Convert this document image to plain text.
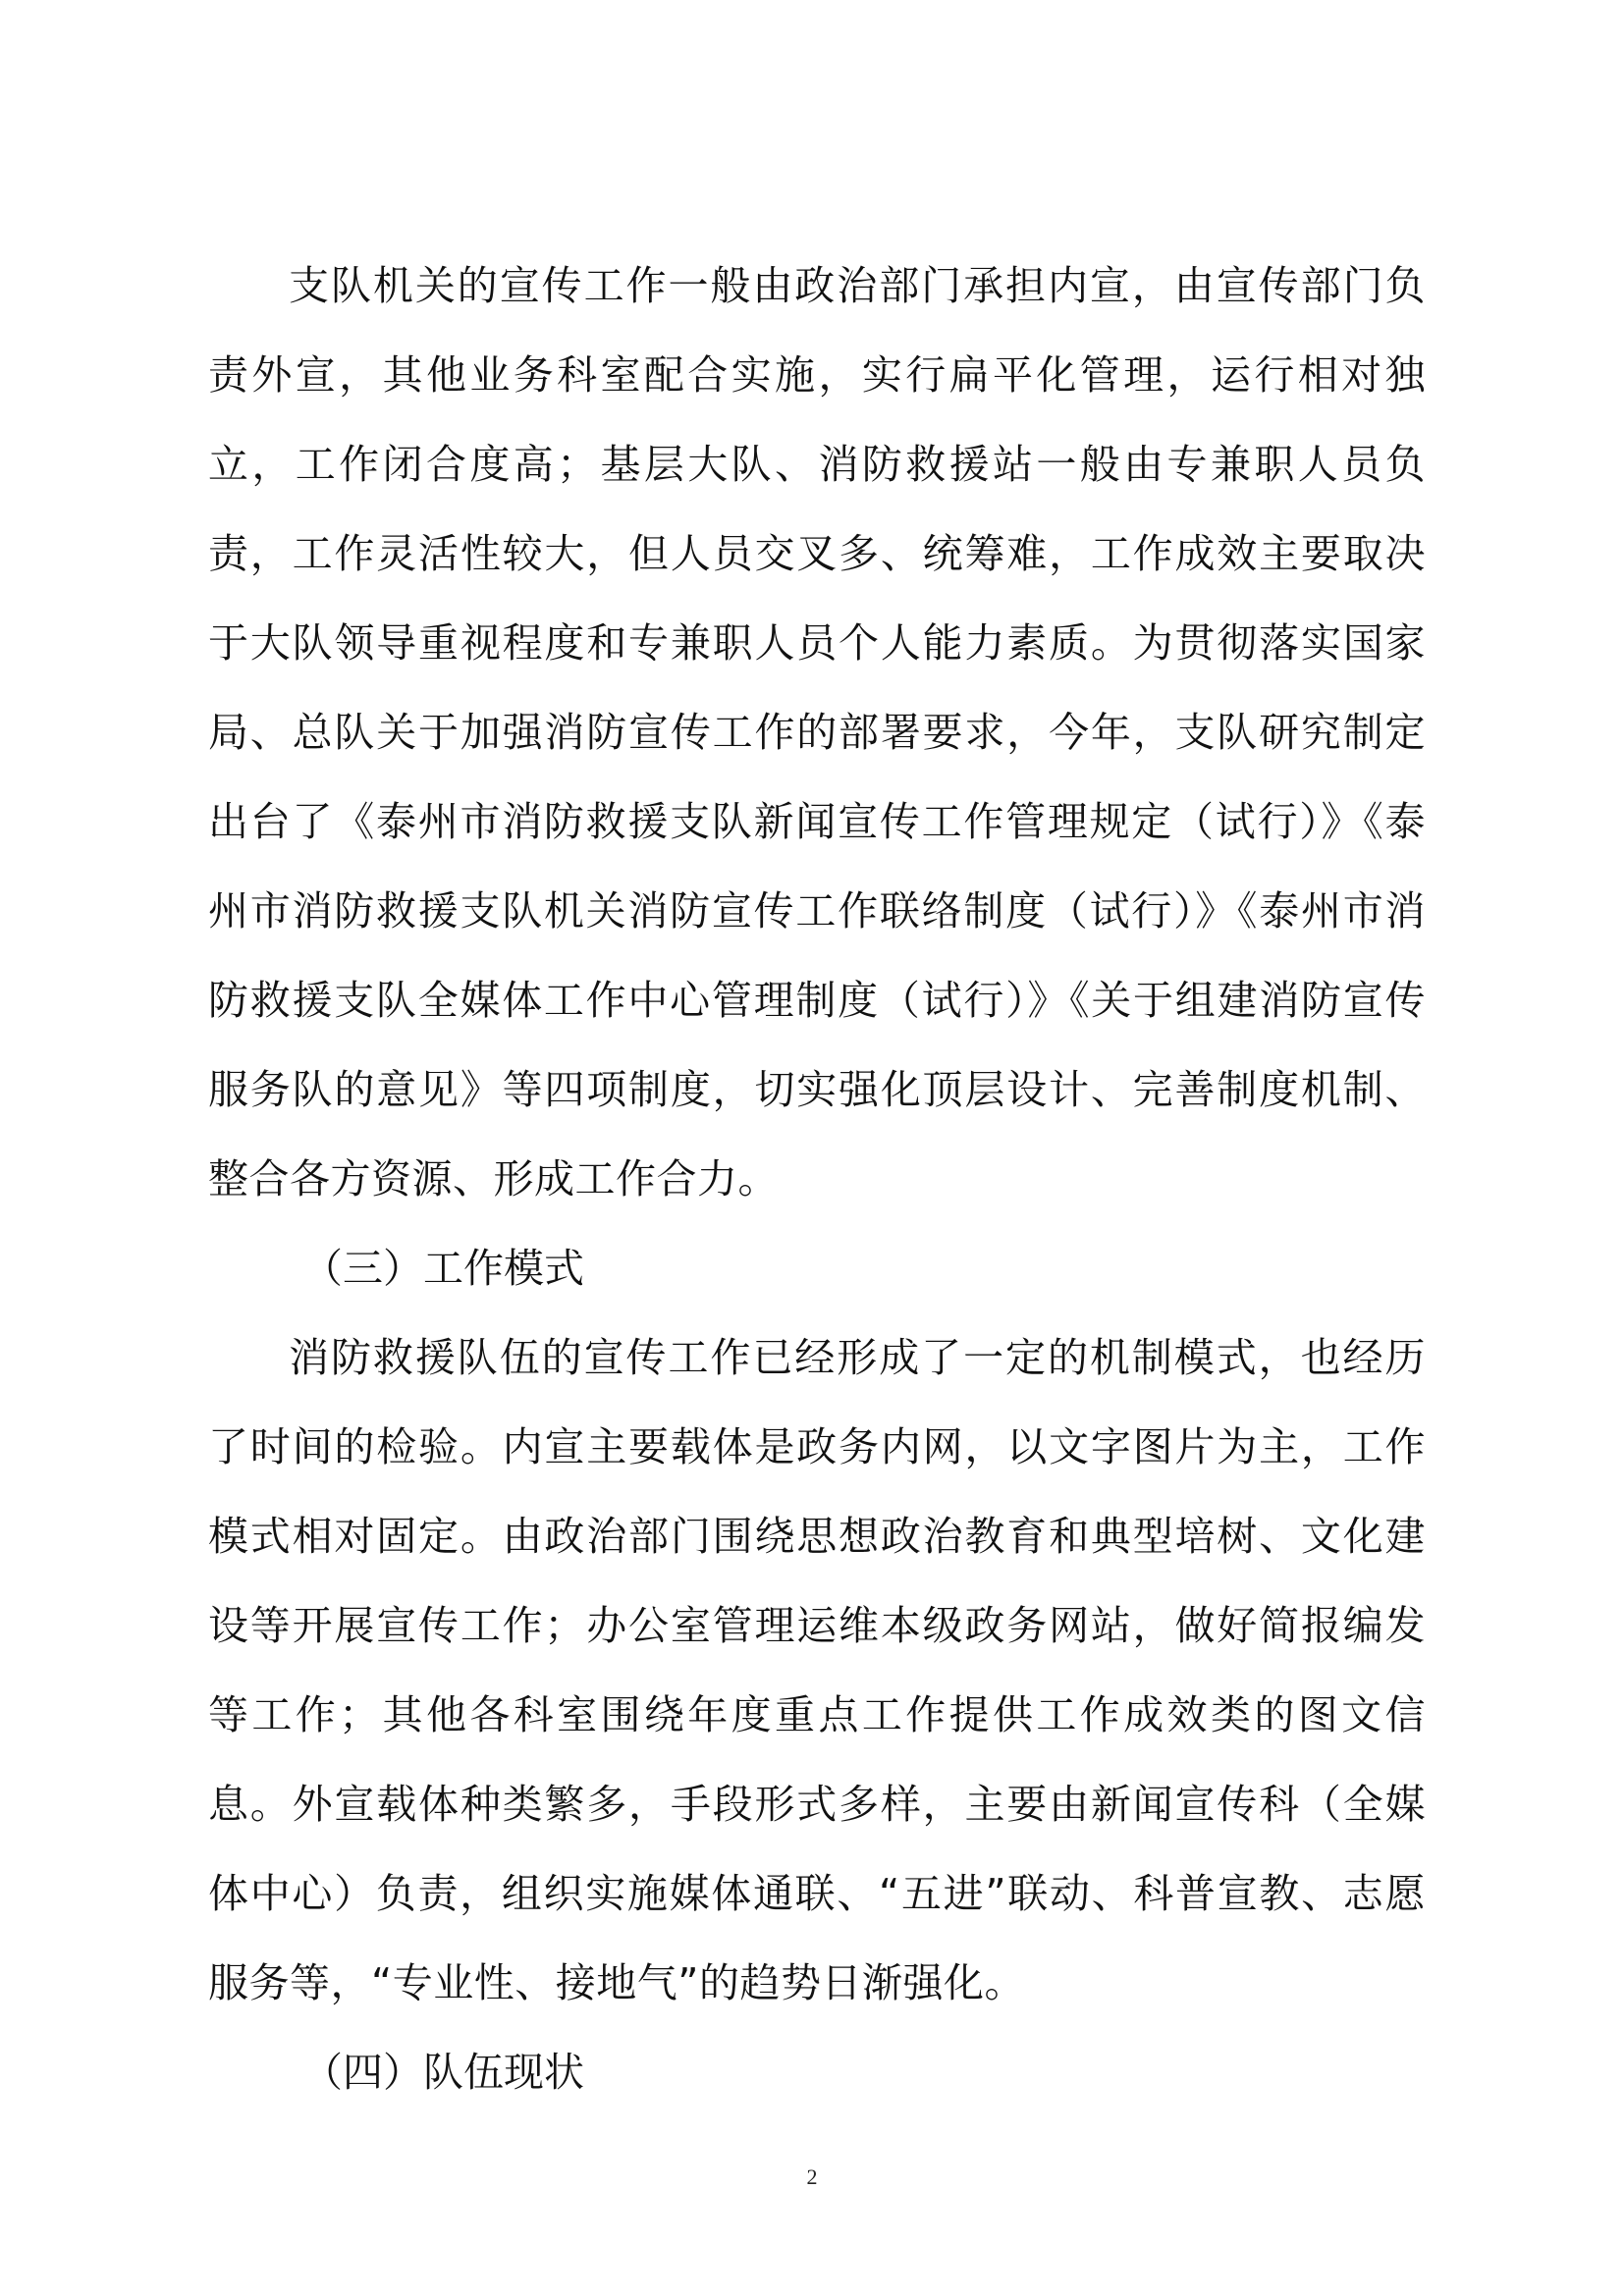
支队机关的宣传工作一般由政治部门承担内宣，由宣传部门负责外宣，其他业务科室配合实施，实行扁平化管理，运行相对独立，工作闭合度高；基层大队、消防救援站一般由专兼职人员负责，工作灵活性较大，但人员交叉多、统筹难，工作成效主要取决于大队领导重视程度和专兼职人员个人能力素质。为贯彻落实国家局、总队关于加强消防宣传工作的部署要求，今年，支队研究制定出台了《泰州市消防救援支队新闻宣传工作管理规定（试行）》《泰州市消防救援支队机关消防宣传工作联络制度（试行）》《泰州市消防救援支队全媒体工作中心管理制度（试行）》《关于组建消防宣传服务队的意见》等四项制度，切实强化顶层设计、完善制度机制、整合各方资源、形成工作合力。

（三）工作模式

消防救援队伍的宣传工作已经形成了一定的机制模式，也经历了时间的检验。内宣主要载体是政务内网，以文字图片为主，工作模式相对固定。由政治部门围绕思想政治教育和典型培树、文化建设等开展宣传工作；办公室管理运维本级政务网站，做好简报编发等工作；其他各科室围绕年度重点工作提供工作成效类的图文信息。外宣载体种类繁多，手段形式多样，主要由新闻宣传科（全媒体中心）负责，组织实施媒体通联、“五进”联动、科普宣教、志愿服务等，“专业性、接地气”的趋势日渐强化。

（四）队伍现状

2
